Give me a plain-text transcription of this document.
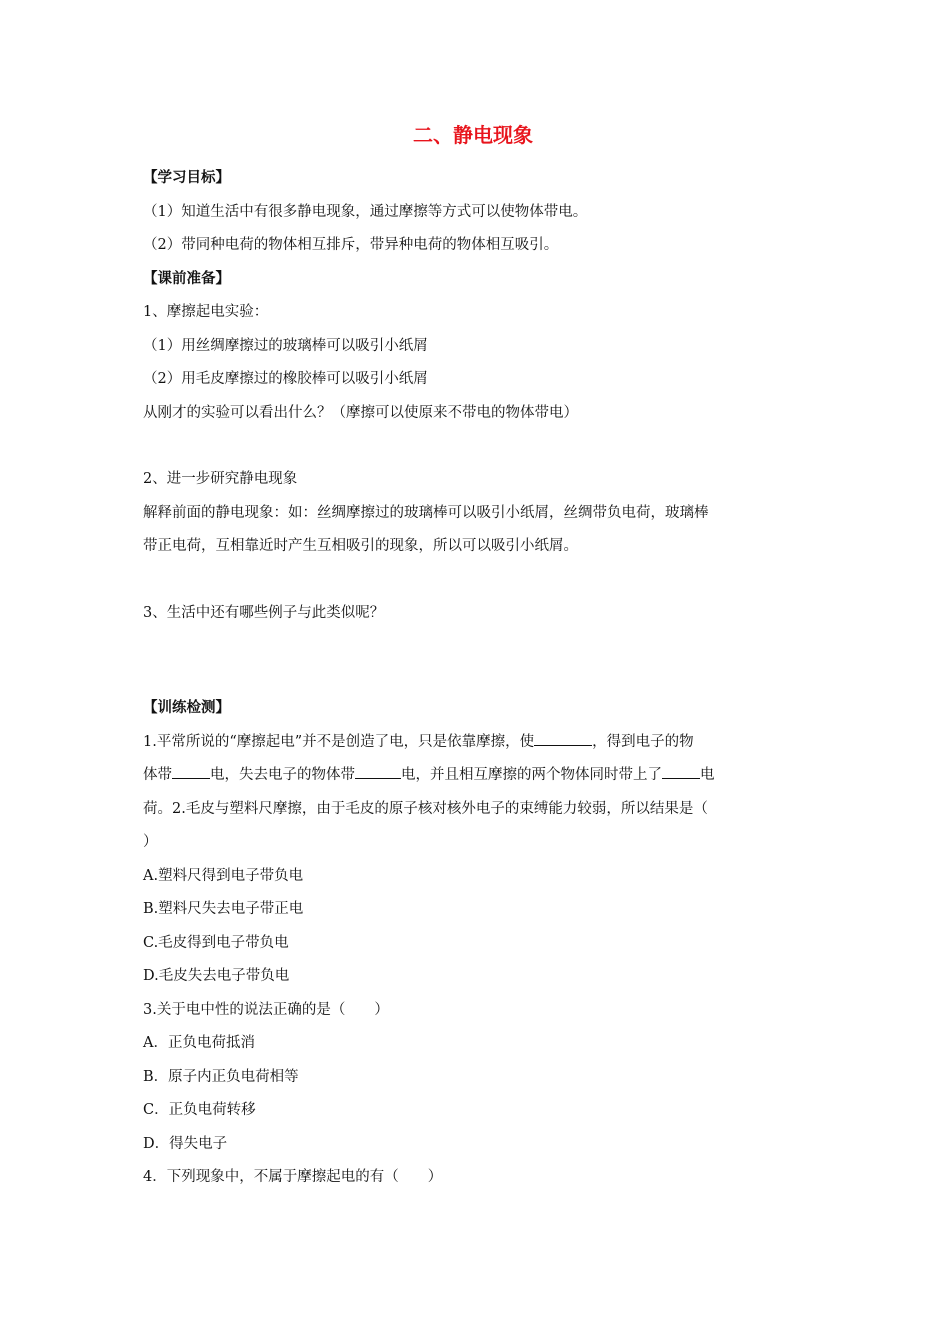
二、静电现象
【学习目标】
（1）知道生活中有很多静电现象，通过摩擦等方式可以使物体带电。
（2）带同种电荷的物体相互排斥，带异种电荷的物体相互吸引。
【课前准备】
1、摩擦起电实验：
（1）用丝绸摩擦过的玻璃棒可以吸引小纸屑
（2）用毛皮摩擦过的橡胶棒可以吸引小纸屑
从刚才的实验可以看出什么？（摩擦可以使原来不带电的物体带电）
2、进一步研究静电现象
解释前面的静电现象：如：丝绸摩擦过的玻璃棒可以吸引小纸屑，丝绸带负电荷，玻璃棒
带正电荷，互相靠近时产生互相吸引的现象，所以可以吸引小纸屑。
3、生活中还有哪些例子与此类似呢？
【训练检测】
1.平常所说的“摩擦起电”并不是创造了电，只是依靠摩擦，使	，得到电子的物
体带	电，失去电子的物体带	电，并且相互摩擦的两个物体同时带上了	电
荷。2.毛皮与塑料尺摩擦，由于毛皮的原子核对核外电子的束缚能力较弱，所以结果是（
）
A.塑料尺得到电子带负电
B.塑料尺失去电子带正电
C.毛皮得到电子带负电
D.毛皮失去电子带负电
3.关于电中性的说法正确的是（　　）
A．正负电荷抵消
B．原子内正负电荷相等
C．正负电荷转移
D．得失电子
4．下列现象中，不属于摩擦起电的有（　　）
